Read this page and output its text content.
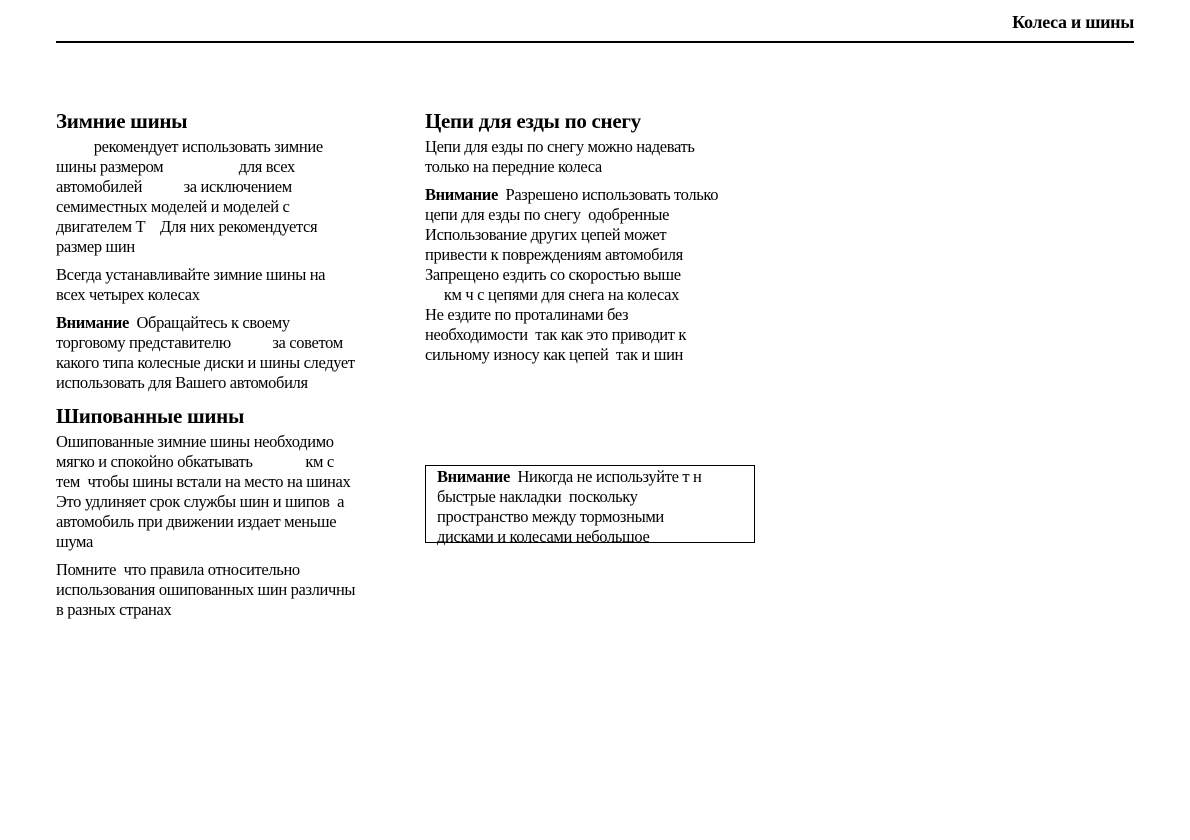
Колеса и шины
Зимние шины

рекомендует использовать зимние
шины размером                    для всех
автомобилей           за исключением
семиместных моделей и моделей с
двигателем T    Для них рекомендуется
размер шин

Всегда устанавливайте зимние шины на
всех четырех колесах

Внимание  Обращайтесь к своему
торговому представителю           за советом
какого типа колесные диски и шины следует
использовать для Вашего автомобиля

Шипованные шины

Ошипованные зимние шины необходимо
мягко и спокойно обкатывать              км с
тем  чтобы шины встали на место на шинах
Это удлиняет срок службы шин и шипов  а
автомобиль при движении издает меньше
шума

Помните  что правила относительно
использования ошипованных шин различны
в разных странах

Цепи для езды по снегу

Цепи для езды по снегу можно надевать
только на передние колеса

Внимание  Разрешено использовать только
цепи для езды по снегу  одобренные
Использование других цепей может
привести к повреждениям автомобиля
Запрещено ездить со скоростью выше
км ч с цепями для снега на колесах
Не ездите по проталинами без
необходимости  так как это приводит к
сильному износу как цепей  так и шин

Внимание  Никогда не используйте т н
быстрые накладки  поскольку
пространство между тормозными
дисками и колесами небольшое
